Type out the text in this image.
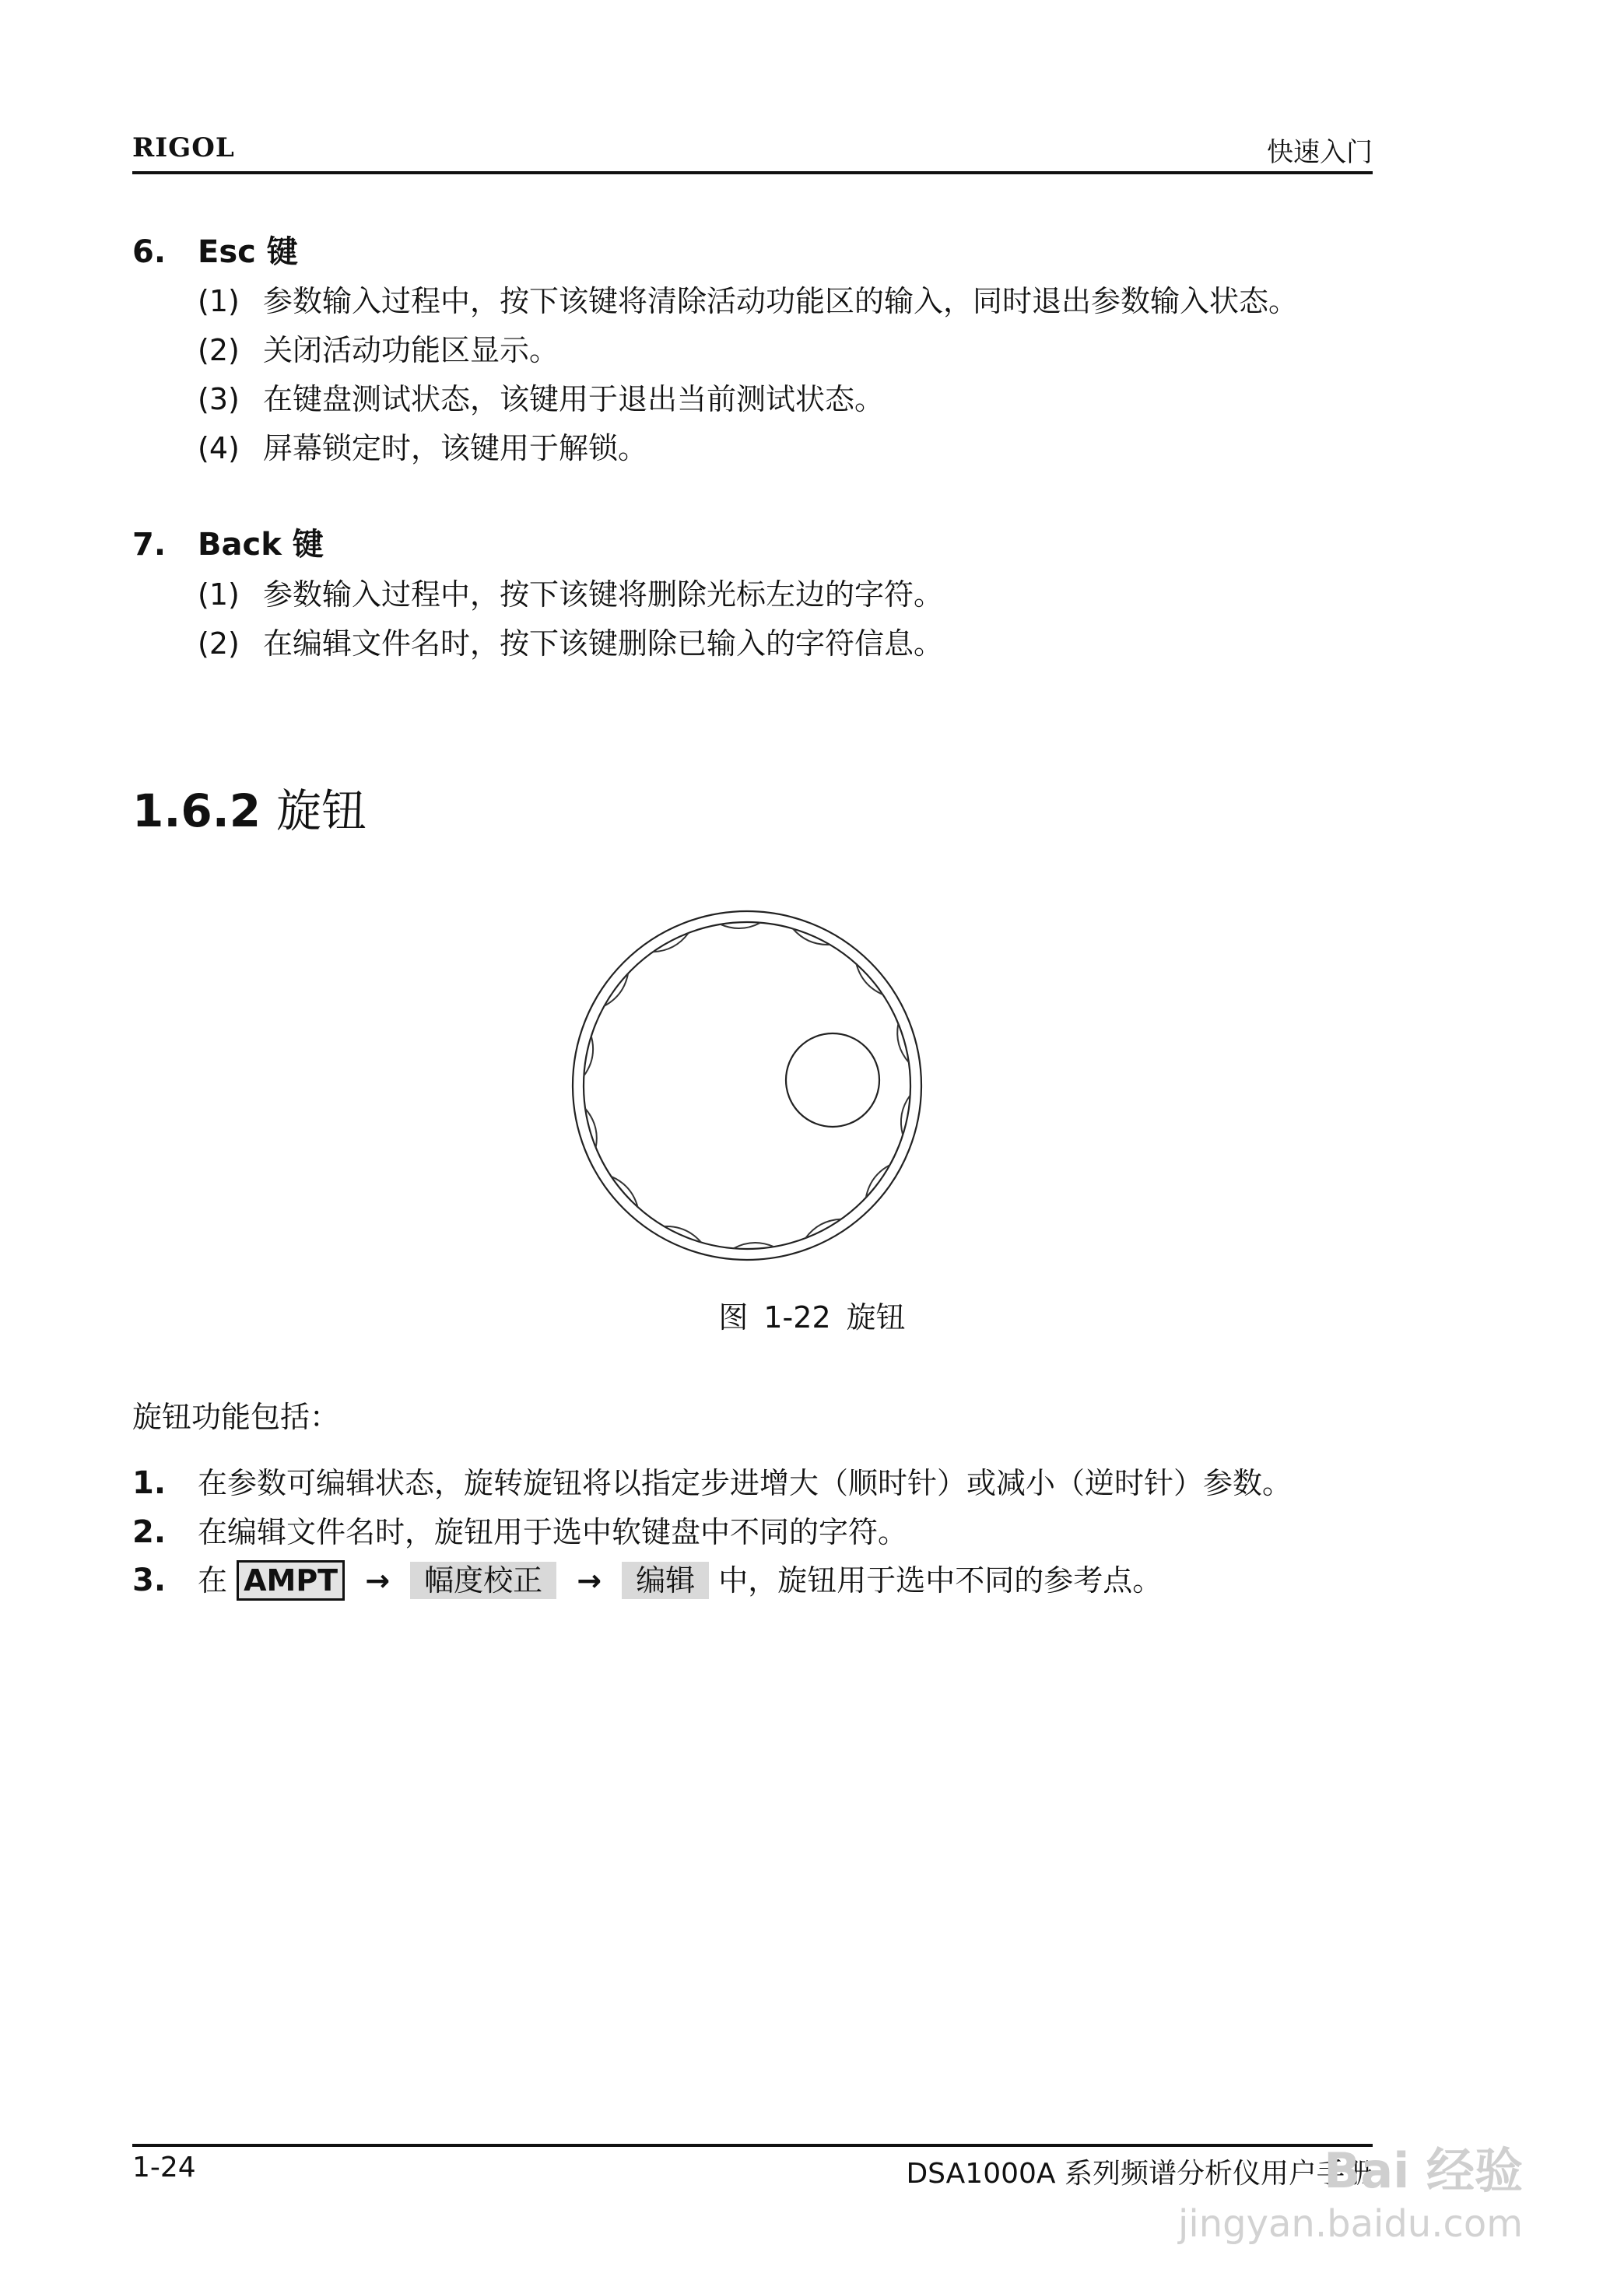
RIGOL	快速入门
6. Esc 键
(1) 参数输入过程中，按下该键将清除活动功能区的输入，同时退出参数输入状态。
(2) 关闭活动功能区显示。
(3) 在键盘测试状态，该键用于退出当前测试状态。
(4) 屏幕锁定时，该键用于解锁。
7. Back 键
(1) 参数输入过程中，按下该键将删除光标左边的字符。
(2) 在编辑文件名时，按下该键删除已输入的字符信息。
1.6.2 旋钮
图 1-22 旋钮
旋钮功能包括：
1. 在参数可编辑状态，旋转旋钮将以指定步进增大（顺时针）或减小（逆时针）参数。
2. 在编辑文件名时，旋钮用于选中软键盘中不同的字符。
3. 在 AMPT → 幅度校正 → 编辑 中，旋钮用于选中不同的参考点。
1-24	DSA1000A 系列频谱分析仪用户手册
Bai 经验
jingyan.baidu.com
